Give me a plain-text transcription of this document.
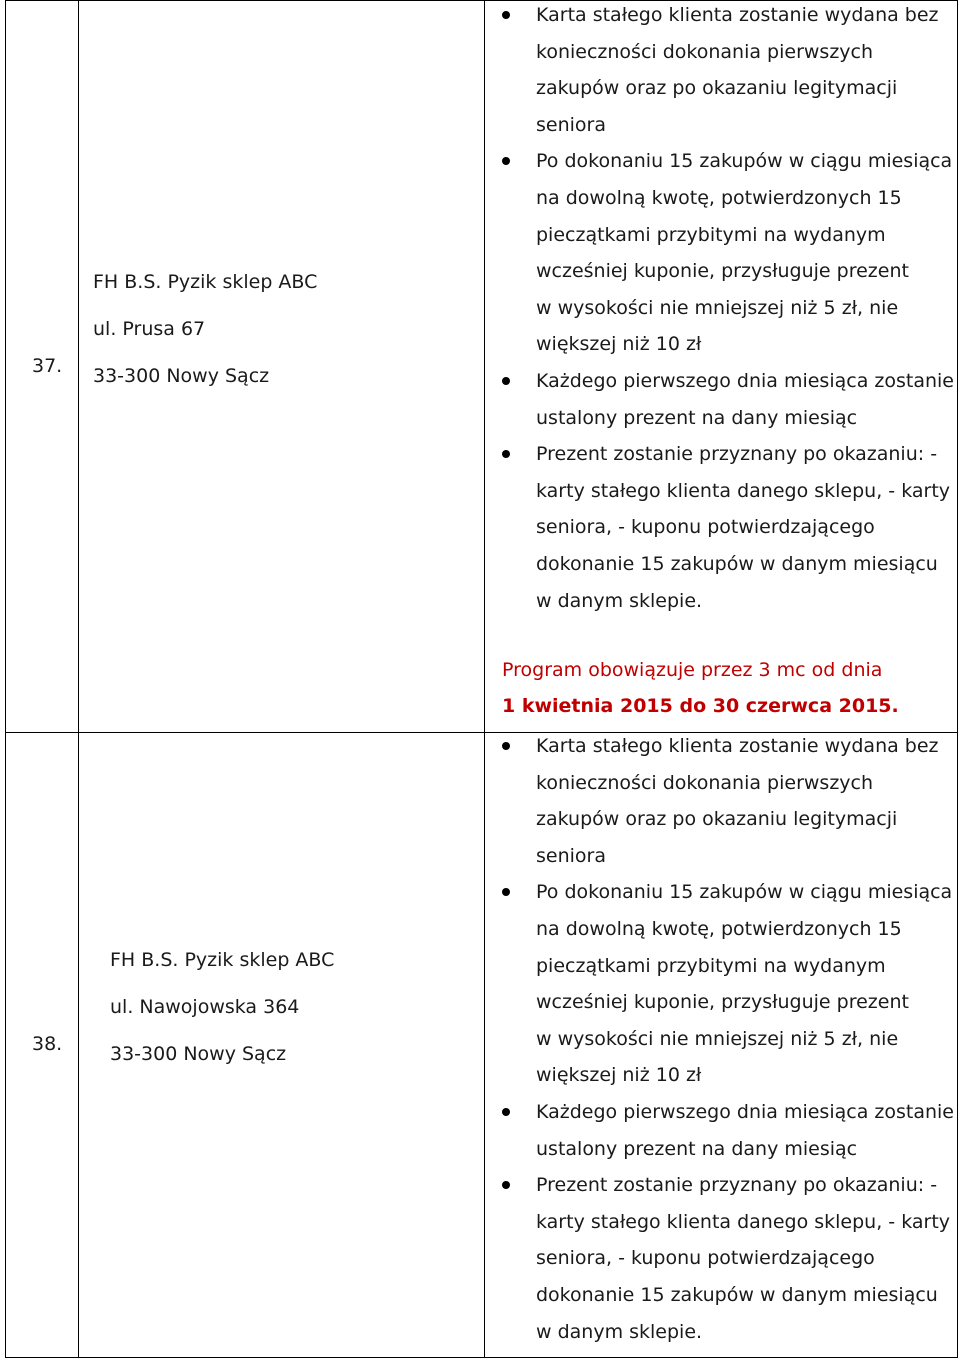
37.
FH B.S. Pyzik sklep ABC
ul. Prusa 67
33-300 Nowy Sącz
Karta stałego klienta zostanie wydana bez
konieczności dokonania pierwszych
zakupów oraz po okazaniu legitymacji
seniora
Po dokonaniu 15 zakupów w ciągu miesiąca
na dowolną kwotę, potwierdzonych 15
pieczątkami przybitymi na wydanym
wcześniej kuponie, przysługuje prezent
w wysokości nie mniejszej niż 5 zł, nie
większej niż 10 zł
Każdego pierwszego dnia miesiąca zostanie
ustalony prezent na dany miesiąc
Prezent zostanie przyznany po okazaniu: -
karty stałego klienta danego sklepu, - karty
seniora, - kuponu potwierdzającego
dokonanie 15 zakupów w danym miesiącu
w danym sklepie.
Program obowiązuje przez 3 mc od dnia
1 kwietnia 2015 do 30 czerwca 2015.
38.
FH B.S. Pyzik sklep ABC
ul. Nawojowska 364
33-300 Nowy Sącz
Karta stałego klienta zostanie wydana bez
konieczności dokonania pierwszych
zakupów oraz po okazaniu legitymacji
seniora
Po dokonaniu 15 zakupów w ciągu miesiąca
na dowolną kwotę, potwierdzonych 15
pieczątkami przybitymi na wydanym
wcześniej kuponie, przysługuje prezent
w wysokości nie mniejszej niż 5 zł, nie
większej niż 10 zł
Każdego pierwszego dnia miesiąca zostanie
ustalony prezent na dany miesiąc
Prezent zostanie przyznany po okazaniu: -
karty stałego klienta danego sklepu, - karty
seniora, - kuponu potwierdzającego
dokonanie 15 zakupów w danym miesiącu
w danym sklepie.
